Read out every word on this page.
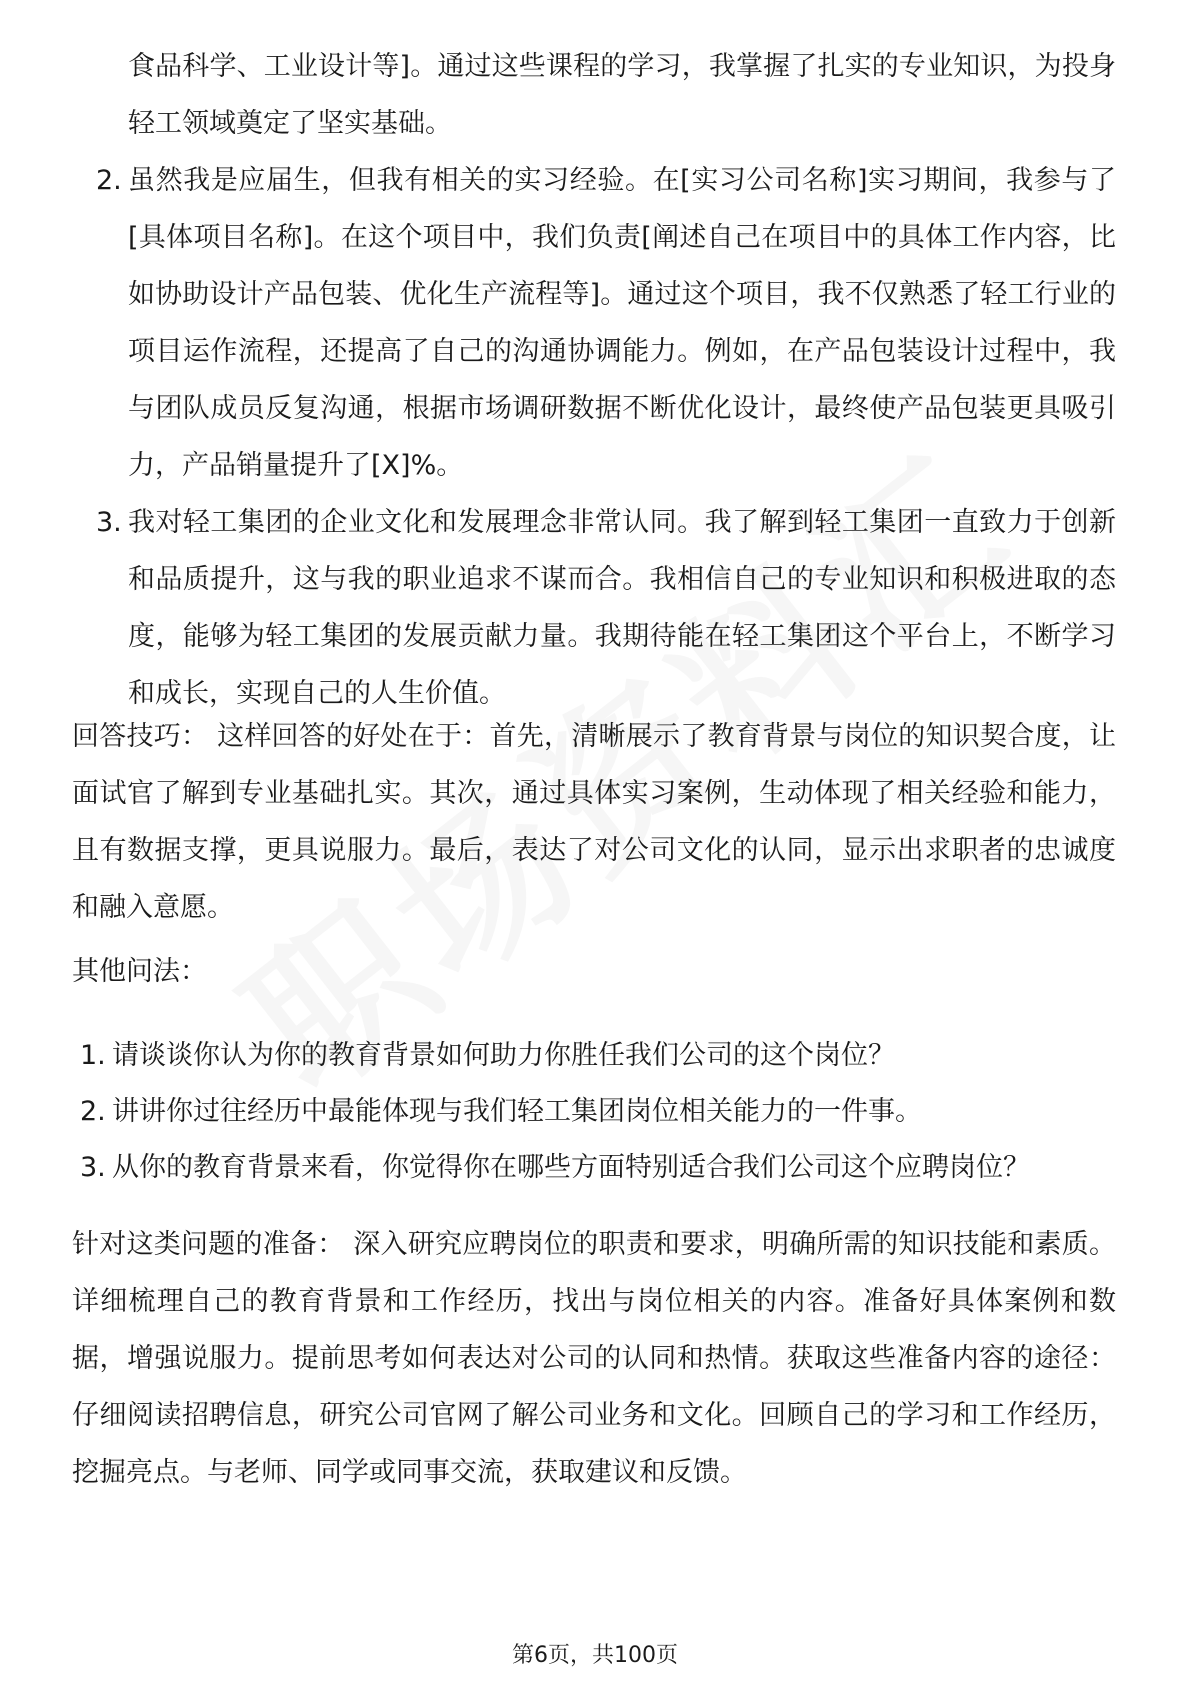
食品科学、工业设计等]。通过这些课程的学习，我掌握了扎实的专业知识，为投身轻工领域奠定了坚实基础。
2. 虽然我是应届生，但我有相关的实习经验。在[实习公司名称]实习期间，我参与了[具体项目名称]。在这个项目中，我们负责[阐述自己在项目中的具体工作内容，比如协助设计产品包装、优化生产流程等]。通过这个项目，我不仅熟悉了轻工行业的项目运作流程，还提高了自己的沟通协调能力。例如，在产品包装设计过程中，我与团队成员反复沟通，根据市场调研数据不断优化设计，最终使产品包装更具吸引力，产品销量提升了[X]%。
3. 我对轻工集团的企业文化和发展理念非常认同。我了解到轻工集团一直致力于创新和品质提升，这与我的职业追求不谋而合。我相信自己的专业知识和积极进取的态度，能够为轻工集团的发展贡献力量。我期待能在轻工集团这个平台上，不断学习和成长，实现自己的人生价值。
回答技巧： 这样回答的好处在于：首先，清晰展示了教育背景与岗位的知识契合度，让面试官了解到专业基础扎实。其次，通过具体实习案例，生动体现了相关经验和能力，且有数据支撑，更具说服力。最后，表达了对公司文化的认同，显示出求职者的忠诚度和融入意愿。
其他问法：
1. 请谈谈你认为你的教育背景如何助力你胜任我们公司的这个岗位？
2. 讲讲你过往经历中最能体现与我们轻工集团岗位相关能力的一件事。
3. 从你的教育背景来看，你觉得你在哪些方面特别适合我们公司这个应聘岗位？
针对这类问题的准备： 深入研究应聘岗位的职责和要求，明确所需的知识技能和素质。详细梳理自己的教育背景和工作经历，找出与岗位相关的内容。准备好具体案例和数据，增强说服力。提前思考如何表达对公司的认同和热情。获取这些准备内容的途径：仔细阅读招聘信息，研究公司官网了解公司业务和文化。回顾自己的学习和工作经历，挖掘亮点。与老师、同学或同事交流，获取建议和反馈。
第6页，共100页
